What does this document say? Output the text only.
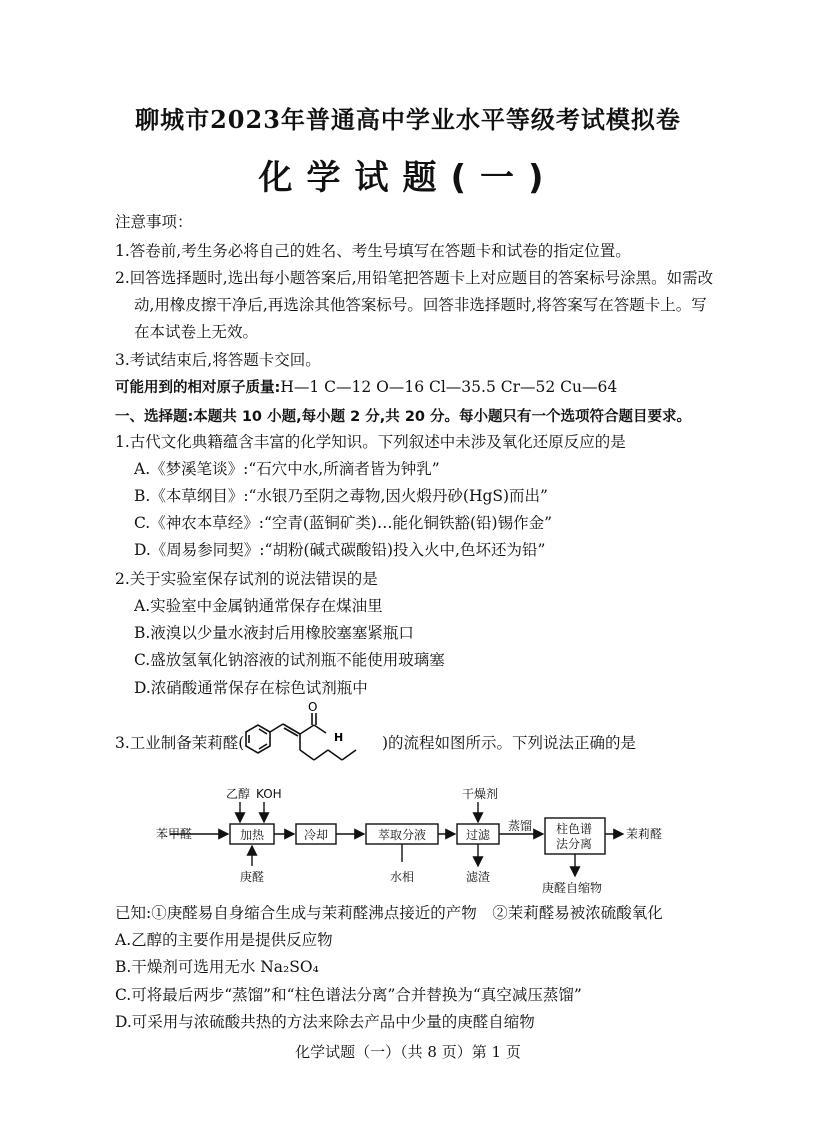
聊城市2023年普通高中学业水平等级考试模拟卷
化学试题(一)
注意事项：
1.答卷前,考生务必将自己的姓名、考生号填写在答题卡和试卷的指定位置。
2.回答选择题时,选出每小题答案后,用铅笔把答题卡上对应题目的答案标号涂黑。如需改
动,用橡皮擦干净后,再选涂其他答案标号。回答非选择题时,将答案写在答题卡上。写
在本试卷上无效。
3.考试结束后,将答题卡交回。
可能用到的相对原子质量:H—1 C—12 O—16 Cl—35.5 Cr—52 Cu—64
一、选择题:本题共 10 小题,每小题 2 分,共 20 分。每小题只有一个选项符合题目要求。
1.古代文化典籍蕴含丰富的化学知识。下列叙述中未涉及氧化还原反应的是
A.《梦溪笔谈》:“石穴中水,所滴者皆为钟乳”
B.《本草纲目》:“水银乃至阴之毒物,因火煅丹砂(HgS)而出”
C.《神农本草经》:“空青(蓝铜矿类)…能化铜铁豁(铅)锡作金”
D.《周易参同契》:“胡粉(碱式碳酸铅)投入火中,色坏还为铅”
2.关于实验室保存试剂的说法错误的是
A.实验室中金属钠通常保存在煤油里
B.液溴以少量水液封后用橡胶塞塞紧瓶口
C.盛放氢氧化钠溶液的试剂瓶不能使用玻璃塞
D.浓硝酸通常保存在棕色试剂瓶中
3.工业制备茉莉醛(
O
H	)的流程如图所示。下列说法正确的是
苯甲醛
乙醇 KOH
庚醛
加热	冷却	萃取分液
水相
干燥剂
过滤
滤渣
蒸馏 柱色谱
法分离
庚醛自缩物
茉莉醛
已知:①庚醛易自身缩合生成与茉莉醛沸点接近的产物　②茉莉醛易被浓硫酸氧化
A.乙醇的主要作用是提供反应物
B.干燥剂可选用无水 Na₂SO₄
C.可将最后两步“蒸馏”和“柱色谱法分离”合并替换为“真空减压蒸馏”
D.可采用与浓硫酸共热的方法来除去产品中少量的庚醛自缩物
化学试题（一）（共 8 页）第 1 页
